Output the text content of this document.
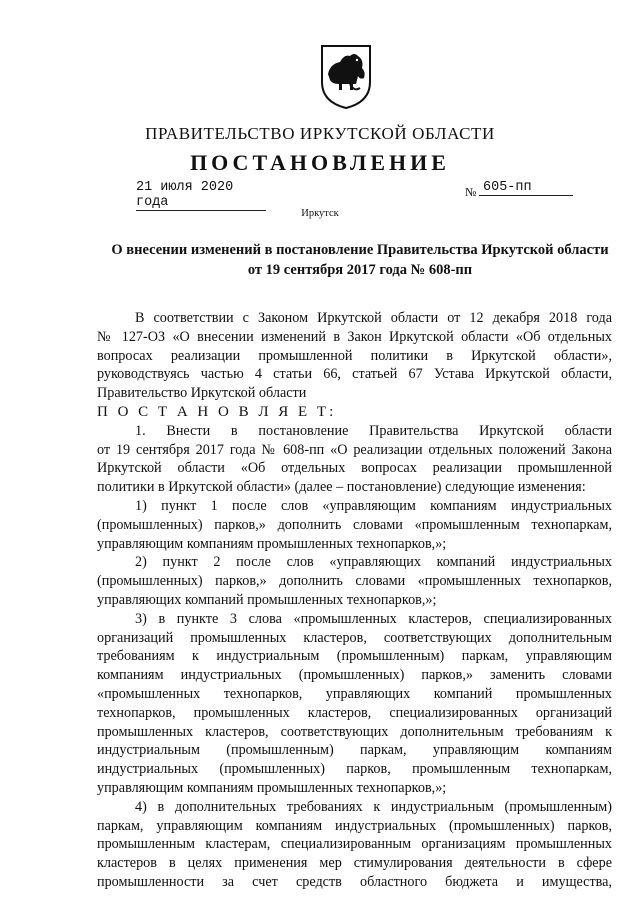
ПРАВИТЕЛЬСТВО ИРКУТСКОЙ ОБЛАСТИ
ПОСТАНОВЛЕНИЕ
21 июля 2020 года
№ 605-пп
Иркутск
О внесении изменений в постановление Правительства Иркутской области
от 19 сентября 2017 года № 608-пп

В соответствии с Законом Иркутской области от 12 декабря 2018 года

№ 127-ОЗ «О внесении изменений в Закон Иркутской области «Об отдельных

вопросах реализации промышленной политики в Иркутской области»,

руководствуясь частью 4 статьи 66, статьей 67 Устава Иркутской области,

Правительство Иркутской области

П О С Т А Н О В Л Я Е Т:

1. Внести в постановление Правительства Иркутской области

от 19 сентября 2017 года № 608-пп «О реализации отдельных положений Закона

Иркутской области «Об отдельных вопросах реализации промышленной

политики в Иркутской области» (далее – постановление) следующие изменения:

1) пункт 1 после слов «управляющим компаниям индустриальных

(промышленных) парков,» дополнить словами «промышленным технопаркам,

управляющим компаниям промышленных технопарков,»;

2) пункт 2 после слов «управляющих компаний индустриальных

(промышленных) парков,» дополнить словами «промышленных технопарков,

управляющих компаний промышленных технопарков,»;

3) в пункте 3 слова «промышленных кластеров, специализированных

организаций промышленных кластеров, соответствующих дополнительным

требованиям к индустриальным (промышленным) паркам, управляющим

компаниям индустриальных (промышленных) парков,» заменить словами

«промышленных технопарков, управляющих компаний промышленных

технопарков, промышленных кластеров, специализированных организаций

промышленных кластеров, соответствующих дополнительным требованиям к

индустриальным (промышленным) паркам, управляющим компаниям

индустриальных (промышленных) парков, промышленным технопаркам,

управляющим компаниям промышленных технопарков,»;

4) в дополнительных требованиях к индустриальным (промышленным)

паркам, управляющим компаниям индустриальных (промышленных) парков,

промышленным кластерам, специализированным организациям промышленных

кластеров в целях применения мер стимулирования деятельности в сфере

промышленности за счет средств областного бюджета и имущества,
